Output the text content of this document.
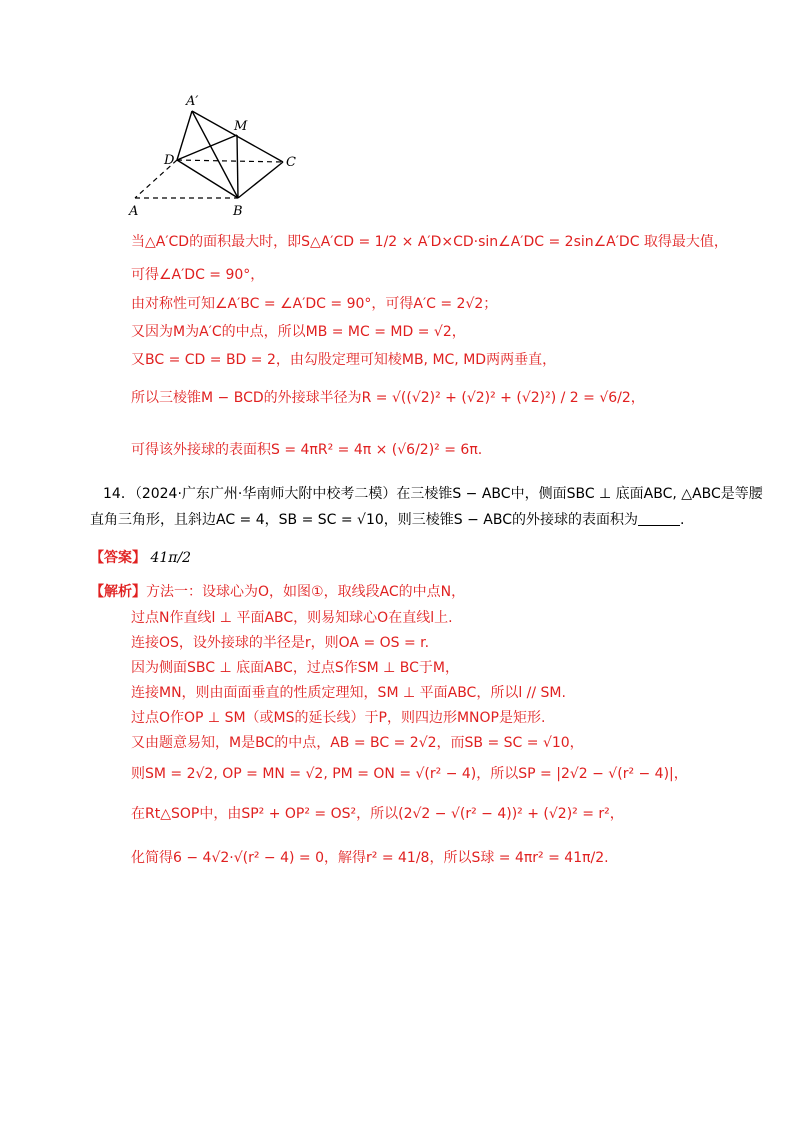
A′
M
D	C
A	B
当△A′CD的面积最大时，即S△A′CD = 1/2 × A′D×CD·sin∠A′DC = 2sin∠A′DC 取得最大值，
可得∠A′DC = 90°，
由对称性可知∠A′BC = ∠A′DC = 90°，可得A′C = 2√2；
又因为M为A′C的中点，所以MB = MC = MD = √2，
又BC = CD = BD = 2，由勾股定理可知棱MB, MC, MD两两垂直，
所以三棱锥M − BCD的外接球半径为R = √((√2)² + (√2)² + (√2)²) / 2 = √6/2，
可得该外接球的表面积S = 4πR² = 4π × (√6/2)² = 6π.
14．（2024·广东广州·华南师大附中校考二模）在三棱锥S − ABC中，侧面SBC ⊥ 底面ABC, △ABC是等腰
直角三角形，且斜边AC = 4，SB = SC = √10，则三棱锥S − ABC的外接球的表面积为	.
【答案】 41π/2
【解析】方法一：设球心为O，如图①，取线段AC的中点N，
过点N作直线l ⊥ 平面ABC，则易知球心O在直线l上.
连接OS，设外接球的半径是r，则OA = OS = r.
因为侧面SBC ⊥ 底面ABC，过点S作SM ⊥ BC于M，
连接MN，则由面面垂直的性质定理知，SM ⊥ 平面ABC，所以l // SM.
过点O作OP ⊥ SM（或MS的延长线）于P，则四边形MNOP是矩形.
又由题意易知，M是BC的中点，AB = BC = 2√2，而SB = SC = √10，
则SM = 2√2, OP = MN = √2, PM = ON = √(r² − 4)，所以SP = |2√2 − √(r² − 4)|，
在Rt△SOP中，由SP² + OP² = OS²，所以(2√2 − √(r² − 4))² + (√2)² = r²，
化简得6 − 4√2·√(r² − 4) = 0，解得r² = 41/8，所以S球 = 4πr² = 41π/2.
